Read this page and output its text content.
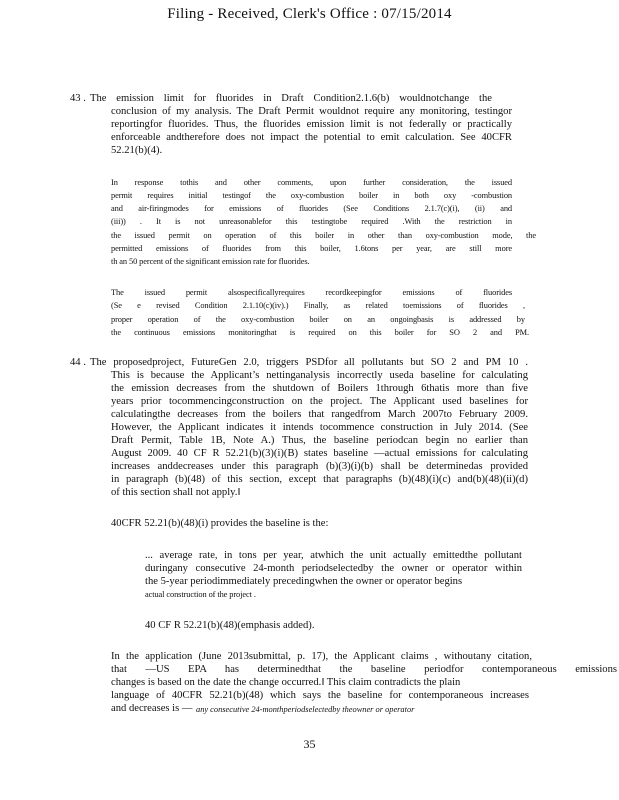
Filing - Received, Clerk's Office : 07/15/2014
43 . The emission limit for fluorides in Draft Condition2.1.6(b) wouldnotchange the
conclusion of my analysis. The Draft Permit wouldnot require any monitoring, testingor
reportingfor fluorides. Thus, the fluorides emission limit is not federally or practically
enforceable andtherefore does not impact the potential to emit calculation. See 40CFR
52.21(b)(4).
In response tothis and other comments, upon further consideration, the issued
permit requires initial testingof the oxy-combustion boiler in both oxy -combustion
and air-firingmodes for emissions of fluorides (See Conditions 2.1.7(c)(i), (ii) and
(iii)) . It is not unreasonablefor this testingtobe required .With the restriction in
the issued permit on operation of this boiler in other than oxy-combustion mode, the
permitted emissions of fluorides from this boiler, 1.6tons per year, are still more
th an 50 percent of the significant emission rate for fluorides.
The issued permit alsospecificallyrequires recordkeepingfor emissions of fluorides
(Se e revised Condition 2.1.10(c)(iv).) Finally, as related toemissions of fluorides ,
proper operation of the oxy-combustion boiler on an ongoingbasis is addressed by
the continuous emissions monitoringthat is required on this boiler for SO 2 and PM.
44 . The proposedproject, FutureGen 2.0, triggers PSDfor all pollutants but SO 2 and PM 10 .
This is because the Applicant’s nettinganalysis incorrectly useda baseline for calculating
the emission decreases from the shutdown of Boilers 1through 6thatis more than five
years prior tocommencingconstruction on the project. The Applicant used baselines for
calculatingthe decreases from the boilers that rangedfrom March 2007to February 2009.
However, the Applicant indicates it intends tocommence construction in July 2014. (See
Draft Permit, Table 1B, Note A.) Thus, the baseline periodcan begin no earlier than
August 2009. 40 CF R 52.21(b)(3)(i)(B) states baseline —actual emissions for calculating
increases anddecreases under this paragraph (b)(3)(i)(b) shall be determinedas provided
in paragraph (b)(48) of this section, except that paragraphs (b)(48)(i)(c) and(b)(48)(ii)(d)
of this section shall not apply.‖
40CFR 52.21(b)(48)(i) provides the baseline is the:
... average rate, in tons per year, atwhich the unit actually emittedthe pollutant
duringany consecutive 24-month periodselectedby the owner or operator within
the 5-year periodimmediately precedingwhen the owner or operator begins
actual construction of the project .
40 CF R 52.21(b)(48)(emphasis added).
In the application (June 2013submittal, p. 17), the Applicant claims , withoutany citation,
that —US EPA has determinedthat the baseline periodfor contemporaneous emissions
changes is based on the date the change occurred.‖ This claim contradicts the plain
language of 40CFR 52.21(b)(48) which says the baseline for contemporaneous increases
and decreases is — any consecutive 24-monthperiodselectedby theowner or operator
35
